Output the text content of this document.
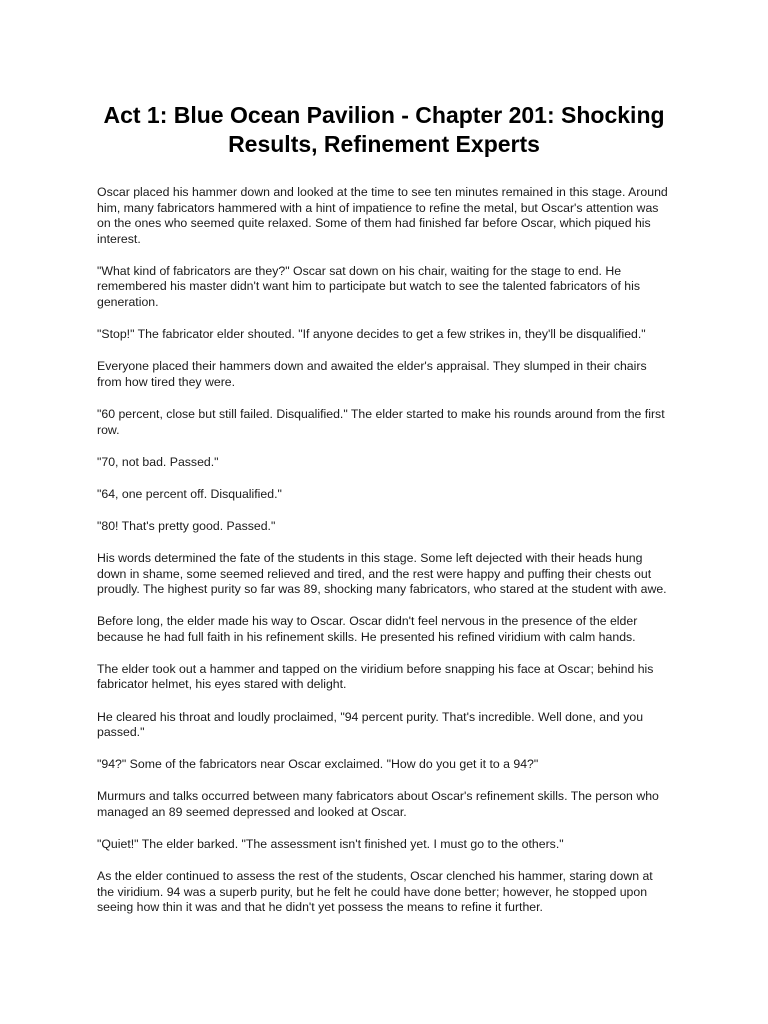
Act 1: Blue Ocean Pavilion - Chapter 201: Shocking Results, Refinement Experts

Oscar placed his hammer down and looked at the time to see ten minutes remained in this stage. Around him, many fabricators hammered with a hint of impatience to refine the metal, but Oscar's attention was on the ones who seemed quite relaxed. Some of them had finished far before Oscar, which piqued his interest.

"What kind of fabricators are they?" Oscar sat down on his chair, waiting for the stage to end. He remembered his master didn't want him to participate but watch to see the talented fabricators of his generation.

"Stop!" The fabricator elder shouted. "If anyone decides to get a few strikes in, they'll be disqualified."

Everyone placed their hammers down and awaited the elder's appraisal. They slumped in their chairs from how tired they were.

"60 percent, close but still failed. Disqualified." The elder started to make his rounds around from the first row.

"70, not bad. Passed."

"64, one percent off. Disqualified."

"80! That's pretty good. Passed."

His words determined the fate of the students in this stage. Some left dejected with their heads hung down in shame, some seemed relieved and tired, and the rest were happy and puffing their chests out proudly. The highest purity so far was 89, shocking many fabricators, who stared at the student with awe.

Before long, the elder made his way to Oscar. Oscar didn't feel nervous in the presence of the elder because he had full faith in his refinement skills. He presented his refined viridium with calm hands.

The elder took out a hammer and tapped on the viridium before snapping his face at Oscar; behind his fabricator helmet, his eyes stared with delight.

He cleared his throat and loudly proclaimed, "94 percent purity. That's incredible. Well done, and you passed."

"94?" Some of the fabricators near Oscar exclaimed. "How do you get it to a 94?"

Murmurs and talks occurred between many fabricators about Oscar's refinement skills. The person who managed an 89 seemed depressed and looked at Oscar.

"Quiet!" The elder barked. "The assessment isn't finished yet. I must go to the others."

As the elder continued to assess the rest of the students, Oscar clenched his hammer, staring down at the viridium. 94 was a superb purity, but he felt he could have done better; however, he stopped upon seeing how thin it was and that he didn't yet possess the means to refine it further.
